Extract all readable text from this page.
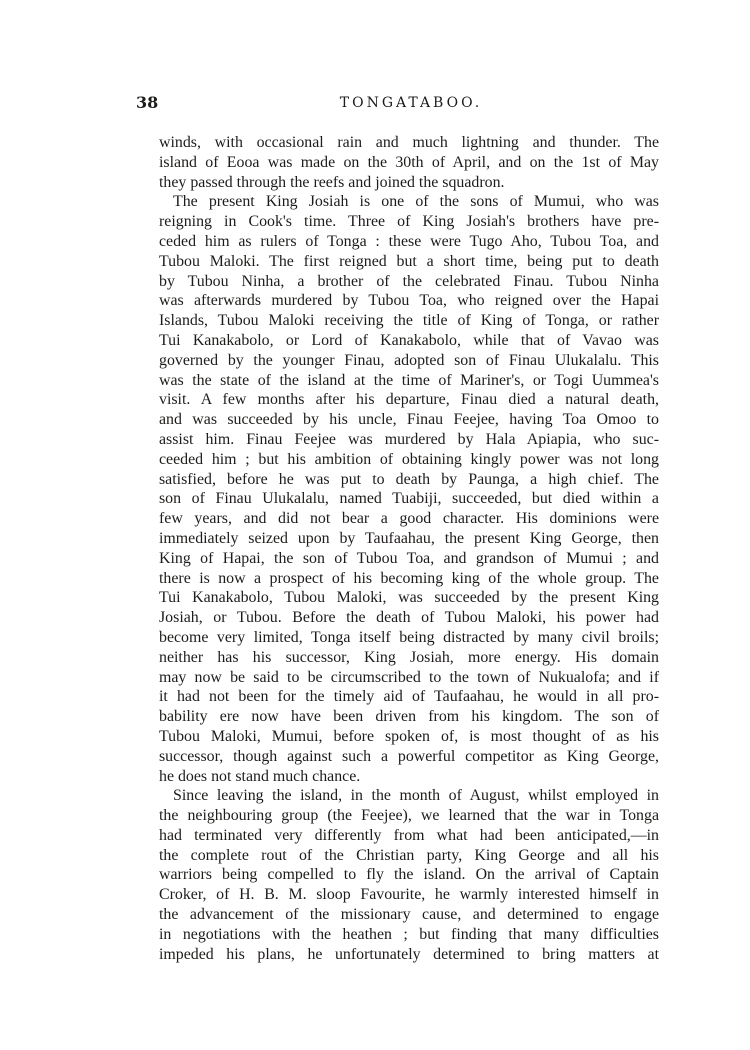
38	TONGATABOO.
winds, with occasional rain and much lightning and thunder. The
island of Eooa was made on the 30th of April, and on the 1st of May
they passed through the reefs and joined the squadron.
The present King Josiah is one of the sons of Mumui, who was
reigning in Cook's time. Three of King Josiah's brothers have pre-
ceded him as rulers of Tonga : these were Tugo Aho, Tubou Toa, and
Tubou Maloki. The first reigned but a short time, being put to death
by Tubou Ninha, a brother of the celebrated Finau. Tubou Ninha
was afterwards murdered by Tubou Toa, who reigned over the Hapai
Islands, Tubou Maloki receiving the title of King of Tonga, or rather
Tui Kanakabolo, or Lord of Kanakabolo, while that of Vavao was
governed by the younger Finau, adopted son of Finau Ulukalalu. This
was the state of the island at the time of Mariner's, or Togi Uummea's
visit. A few months after his departure, Finau died a natural death,
and was succeeded by his uncle, Finau Feejee, having Toa Omoo to
assist him. Finau Feejee was murdered by Hala Apiapia, who suc-
ceeded him ; but his ambition of obtaining kingly power was not long
satisfied, before he was put to death by Paunga, a high chief. The
son of Finau Ulukalalu, named Tuabiji, succeeded, but died within a
few years, and did not bear a good character. His dominions were
immediately seized upon by Taufaahau, the present King George, then
King of Hapai, the son of Tubou Toa, and grandson of Mumui ; and
there is now a prospect of his becoming king of the whole group. The
Tui Kanakabolo, Tubou Maloki, was succeeded by the present King
Josiah, or Tubou. Before the death of Tubou Maloki, his power had
become very limited, Tonga itself being distracted by many civil broils;
neither has his successor, King Josiah, more energy. His domain
may now be said to be circumscribed to the town of Nukualofa; and if
it had not been for the timely aid of Taufaahau, he would in all pro-
bability ere now have been driven from his kingdom. The son of
Tubou Maloki, Mumui, before spoken of, is most thought of as his
successor, though against such a powerful competitor as King George,
he does not stand much chance.
Since leaving the island, in the month of August, whilst employed in
the neighbouring group (the Feejee), we learned that the war in Tonga
had terminated very differently from what had been anticipated,—in
the complete rout of the Christian party, King George and all his
warriors being compelled to fly the island. On the arrival of Captain
Croker, of H. B. M. sloop Favourite, he warmly interested himself in
the advancement of the missionary cause, and determined to engage
in negotiations with the heathen ; but finding that many difficulties
impeded his plans, he unfortunately determined to bring matters at
